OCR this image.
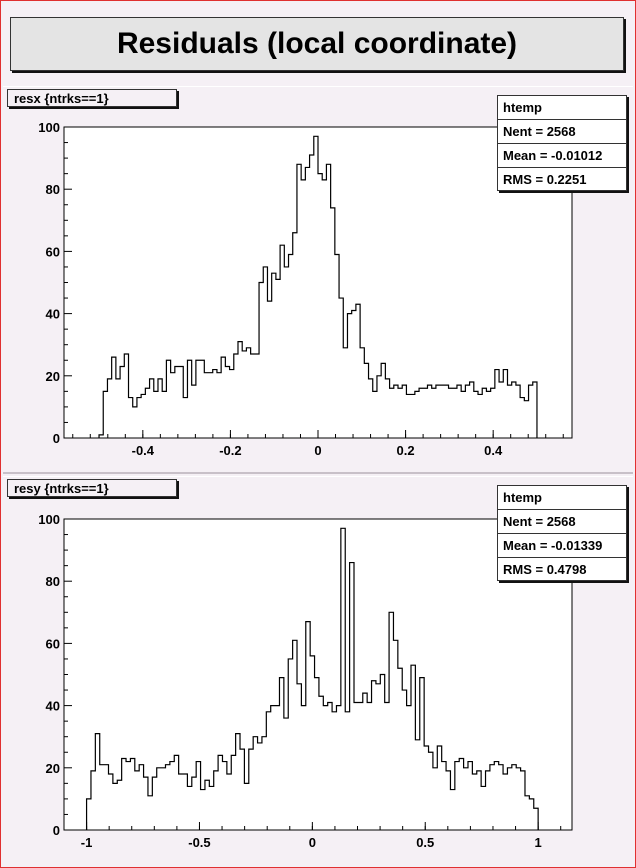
Residuals (local coordinate)
0
20
40
60
80
100
-0.4	-0.2	0	0.2	0.4
resx {ntrks==1}
htemp
Nent = 2568
Mean = -0.01012
RMS = 0.2251
0
20
40
60
80
100
-1	-0.5	0	0.5	1
resy {ntrks==1}
htemp
Nent = 2568
Mean = -0.01339
RMS = 0.4798
